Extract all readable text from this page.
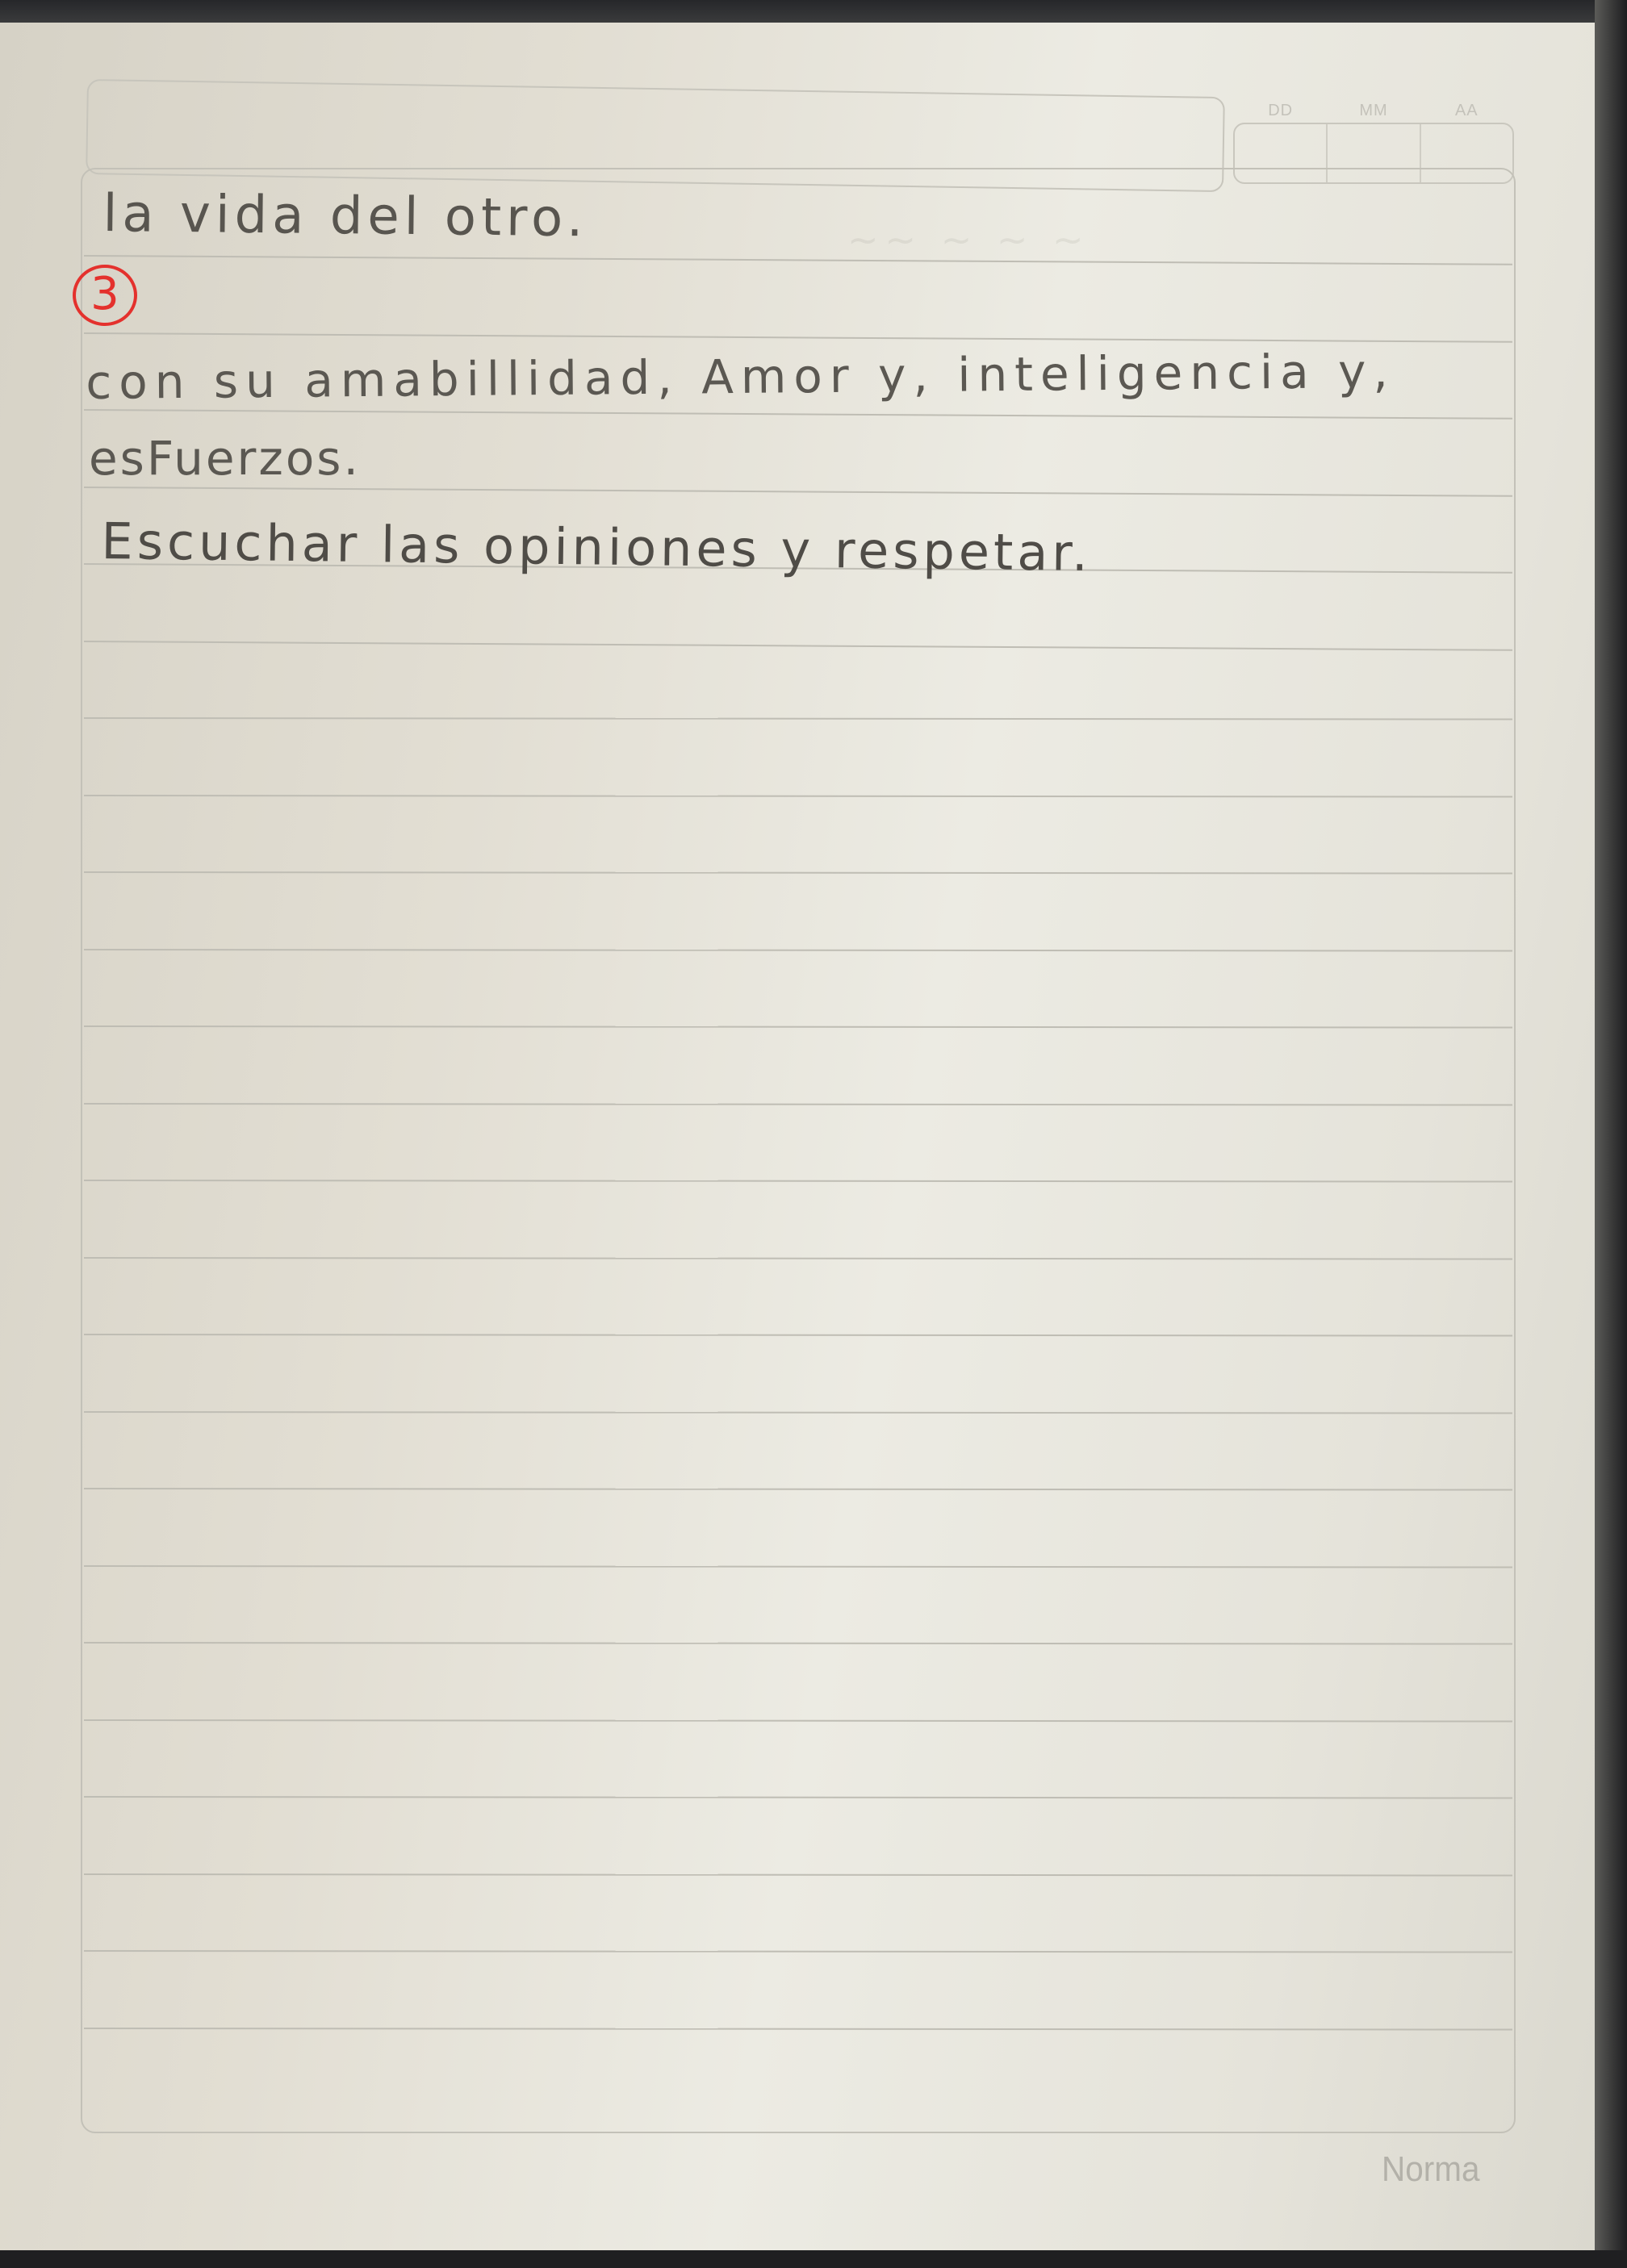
~~ ~ ~ ~
DD	MM	AA
la vida del otro.
3
con su amabillidad, Amor y, inteligencia y,
esFuerzos.
Escuchar las opiniones y respetar.
Norma
